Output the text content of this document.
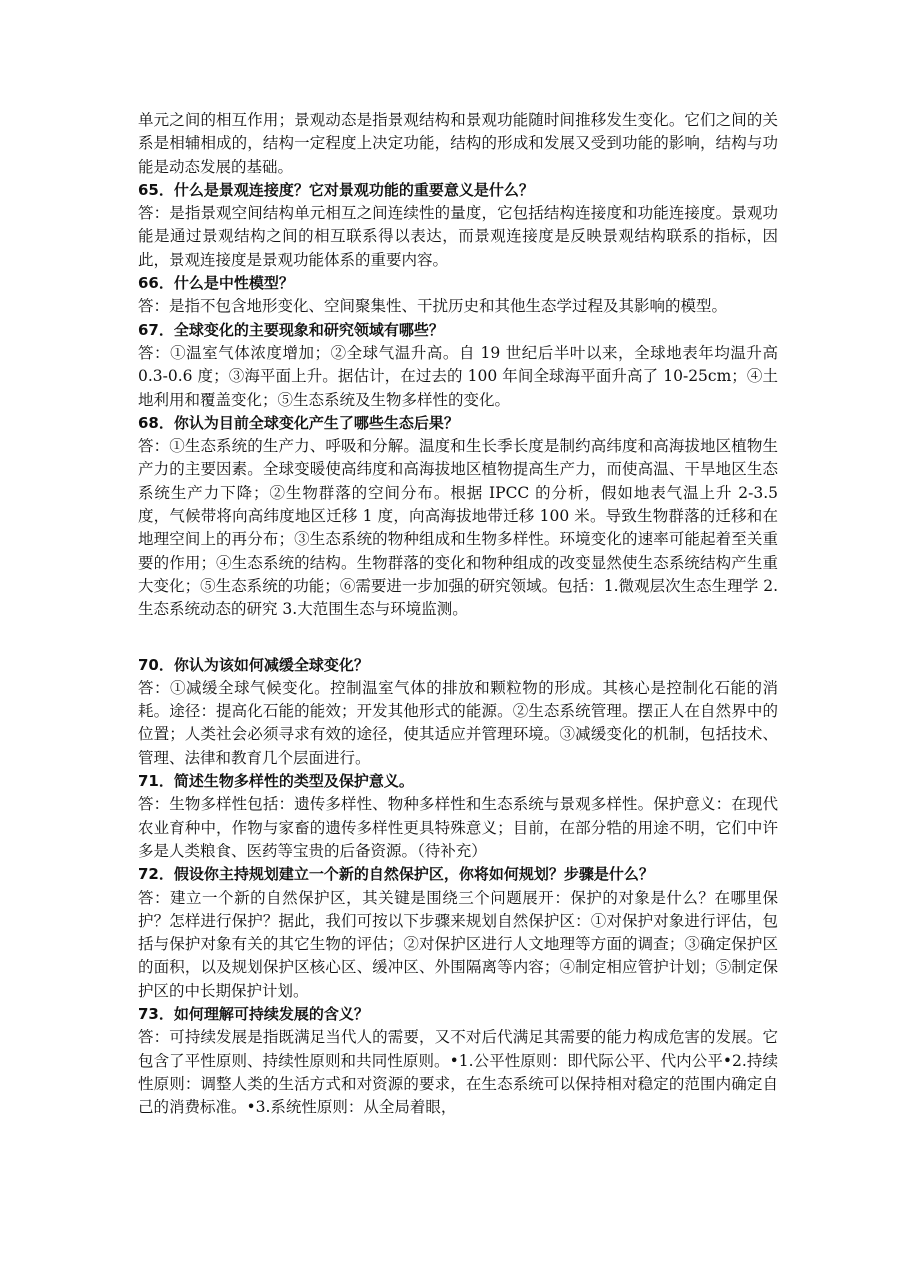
单元之间的相互作用；景观动态是指景观结构和景观功能随时间推移发生变化。它们之间的关系是相辅相成的，结构一定程度上决定功能，结构的形成和发展又受到功能的影响，结构与功能是动态发展的基础。

65．什么是景观连接度？它对景观功能的重要意义是什么？

答：是指景观空间结构单元相互之间连续性的量度，它包括结构连接度和功能连接度。景观功能是通过景观结构之间的相互联系得以表达，而景观连接度是反映景观结构联系的指标，因此，景观连接度是景观功能体系的重要内容。

66．什么是中性模型？

答：是指不包含地形变化、空间聚集性、干扰历史和其他生态学过程及其影响的模型。

67．全球变化的主要现象和研究领域有哪些？

答：①温室气体浓度增加；②全球气温升高。自 19 世纪后半叶以来，全球地表年均温升高 0.3-0.6 度；③海平面上升。据估计，在过去的 100 年间全球海平面升高了 10-25cm；④土地利用和覆盖变化；⑤生态系统及生物多样性的变化。

68．你认为目前全球变化产生了哪些生态后果？

答：①生态系统的生产力、呼吸和分解。温度和生长季长度是制约高纬度和高海拔地区植物生产力的主要因素。全球变暖使高纬度和高海拔地区植物提高生产力，而使高温、干旱地区生态系统生产力下降；②生物群落的空间分布。根据 IPCC 的分析，假如地表气温上升 2-3.5 度，气候带将向高纬度地区迁移 1 度，向高海拔地带迁移 100 米。导致生物群落的迁移和在地理空间上的再分布；③生态系统的物种组成和生物多样性。环境变化的速率可能起着至关重要的作用；④生态系统的结构。生物群落的变化和物种组成的改变显然使生态系统结构产生重大变化；⑤生态系统的功能；⑥需要进一步加强的研究领域。包括：1.微观层次生态生理学 2.生态系统动态的研究 3.大范围生态与环境监测。

70．你认为该如何减缓全球变化？

答：①减缓全球气候变化。控制温室气体的排放和颗粒物的形成。其核心是控制化石能的消耗。途径：提高化石能的能效；开发其他形式的能源。②生态系统管理。摆正人在自然界中的位置；人类社会必须寻求有效的途径，使其适应并管理环境。③减缓变化的机制，包括技术、管理、法律和教育几个层面进行。

71．简述生物多样性的类型及保护意义。

答：生物多样性包括：遗传多样性、物种多样性和生态系统与景观多样性。保护意义：在现代农业育种中，作物与家畜的遗传多样性更具特殊意义；目前，在部分牿的用途不明，它们中许多是人类粮食、医药等宝贵的后备资源。（待补充）

72．假设你主持规划建立一个新的自然保护区，你将如何规划？步骤是什么？

答：建立一个新的自然保护区，其关键是围绕三个问题展开：保护的对象是什么？在哪里保护？怎样进行保护？据此，我们可按以下步骤来规划自然保护区：①对保护对象进行评估，包括与保护对象有关的其它生物的评估；②对保护区进行人文地理等方面的调查；③确定保护区的面积，以及规划保护区核心区、缓冲区、外围隔离等内容；④制定相应管护计划；⑤制定保护区的中长期保护计划。

73．如何理解可持续发展的含义？

答：可持续发展是指既满足当代人的需要，又不对后代满足其需要的能力构成危害的发展。它包含了平性原则、持续性原则和共同性原则。•1.公平性原则：即代际公平、代内公平•2.持续性原则：调整人类的生活方式和对资源的要求，在生态系统可以保持相对稳定的范围内确定自己的消费标准。•3.系统性原则：从全局着眼，
